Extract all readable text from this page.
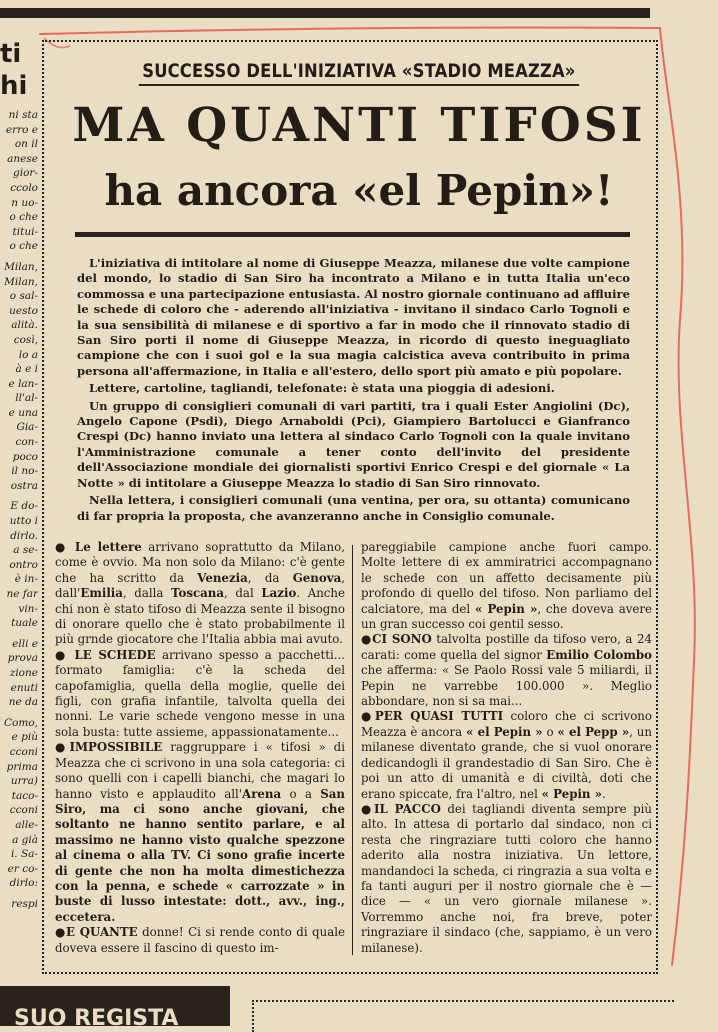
ti
hi
ni sta
erro e
on il
anese
gior-
ccolo
n uo-
o che
titui-
o che
Milan,
Milan,
o sal-
uesto
alità.
così,
lo a
à e i
e lan-
ll'al-
e una
Gia-
con-
poco
il no-
ostra
E do-
utto i
dirlo.
a se-
ontro
è in-
ne far
vin-
tuale
elli e
prova
zione
enuti
ne da
Como,
e più
cconi
prima
urra)
taco-
cconi
alle-
a già
i. Sa-
er co-
dirlo:
respi
SUCCESSO DELL'INIZIATIVA «STADIO MEAZZA»
MA QUANTI TIFOSI
ha ancora «el Pepin»!

L'iniziativa di intitolare al nome di Giuseppe Meazza, milanese due volte campione del mondo, lo stadio di San Siro ha incontrato a Milano e in tutta Italia un'eco commossa e una partecipazione entusiasta. Al nostro giornale continuano ad affluire le schede di coloro che - aderendo all'iniziativa - invitano il sindaco Carlo Tognoli e la sua sensibilità di milanese e di sportivo a far in modo che il rinnovato stadio di San Siro porti il nome di Giuseppe Meazza, in ricordo di questo ineguagliato campione che con i suoi gol e la sua magia calcistica aveva contribuito in prima persona all'affermazione, in Italia e all'estero, dello sport più amato e più popolare.

Lettere, cartoline, tagliandi, telefonate: è stata una pioggia di adesioni.

Un gruppo di consiglieri comunali di vari partiti, tra i quali Ester Angiolini (Dc), Angelo Capone (Psdi), Diego Arnaboldi (Pci), Giampiero Bartolucci e Gianfranco Crespi (Dc) hanno inviato una lettera al sindaco Carlo Tognoli con la quale invitano l'Amministrazione comunale a tener conto dell'invito del presidente dell'Associazione mondiale dei giornalisti sportivi Enrico Crespi e del giornale « La Notte » di intitolare a Giuseppe Meazza lo stadio di San Siro rinnovato.

Nella lettera, i consiglieri comunali (una ventina, per ora, su ottanta) comunicano di far propria la proposta, che avanzeranno anche in Consiglio comunale.

● Le lettere arrivano soprattutto da Milano, come è ovvio. Ma non solo da Milano: c'è gente che ha scritto da Venezia, da Genova, dall'Emilia, dalla Toscana, dal Lazio. Anche chi non è stato tifoso di Meazza sente il bisogno di onorare quello che è stato probabilmente il più grnde giocatore che l'Italia abbia mai avuto.

● LE SCHEDE arrivano spesso a pacchetti... formato famiglia: c'è la scheda del capofamiglia, quella della moglie, quelle dei figli, con grafia infantile, talvolta quella dei nonni. Le varie schede vengono messe in una sola busta: tutte assieme, appassionatamente...

●IMPOSSIBILE raggruppare i « tifosi » di Meazza che ci scrivono in una sola categoria: ci sono quelli con i capelli bianchi, che magari lo hanno visto e applaudito all'Arena o a San Siro, ma ci sono anche giovani, che soltanto ne hanno sentito parlare, e al massimo ne hanno visto qualche spezzone al cinema o alla TV. Ci sono grafie incerte di gente che non ha molta dimestichezza con la penna, e schede « carrozzate » in buste di lusso intestate: dott., avv., ing., eccetera.

●E QUANTE donne! Ci si rende conto di quale doveva essere il fascino di questo im-

pareggiabile campione anche fuori campo. Molte lettere di ex ammiratrici accompagnano le schede con un affetto decisamente più profondo di quello del tifoso. Non parliamo del calciatore, ma del « Pepin », che doveva avere un gran successo coi gentil sesso.

●CI SONO talvolta postille da tifoso vero, a 24 carati: come quella del signor Emilio Colombo che afferma: « Se Paolo Rossi vale 5 miliardi, il Pepin ne varrebbe 100.000 ». Meglio abbondare, non si sa mai...

●PER QUASI TUTTI coloro che ci scrivono Meazza è ancora « el Pepin » o « el Pepp », un milanese diventato grande, che si vuol onorare dedicandogli il grandestadio di San Siro. Che è poi un atto di umanità e di civiltà, doti che erano spiccate, fra l'altro, nel « Pepin ».

●IL PACCO dei tagliandi diventa sempre più alto. In attesa di portarlo dal sindaco, non ci resta che ringraziare tutti coloro che hanno aderito alla nostra iniziativa. Un lettore, mandandoci la scheda, ci ringrazia a sua volta e fa tanti auguri per il nostro giornale che è — dice — « un vero giornale milanese ». Vorremmo anche noi, fra breve, poter ringraziare il sindaco (che, sappiamo, è un vero milanese).

SUO REGISTA
